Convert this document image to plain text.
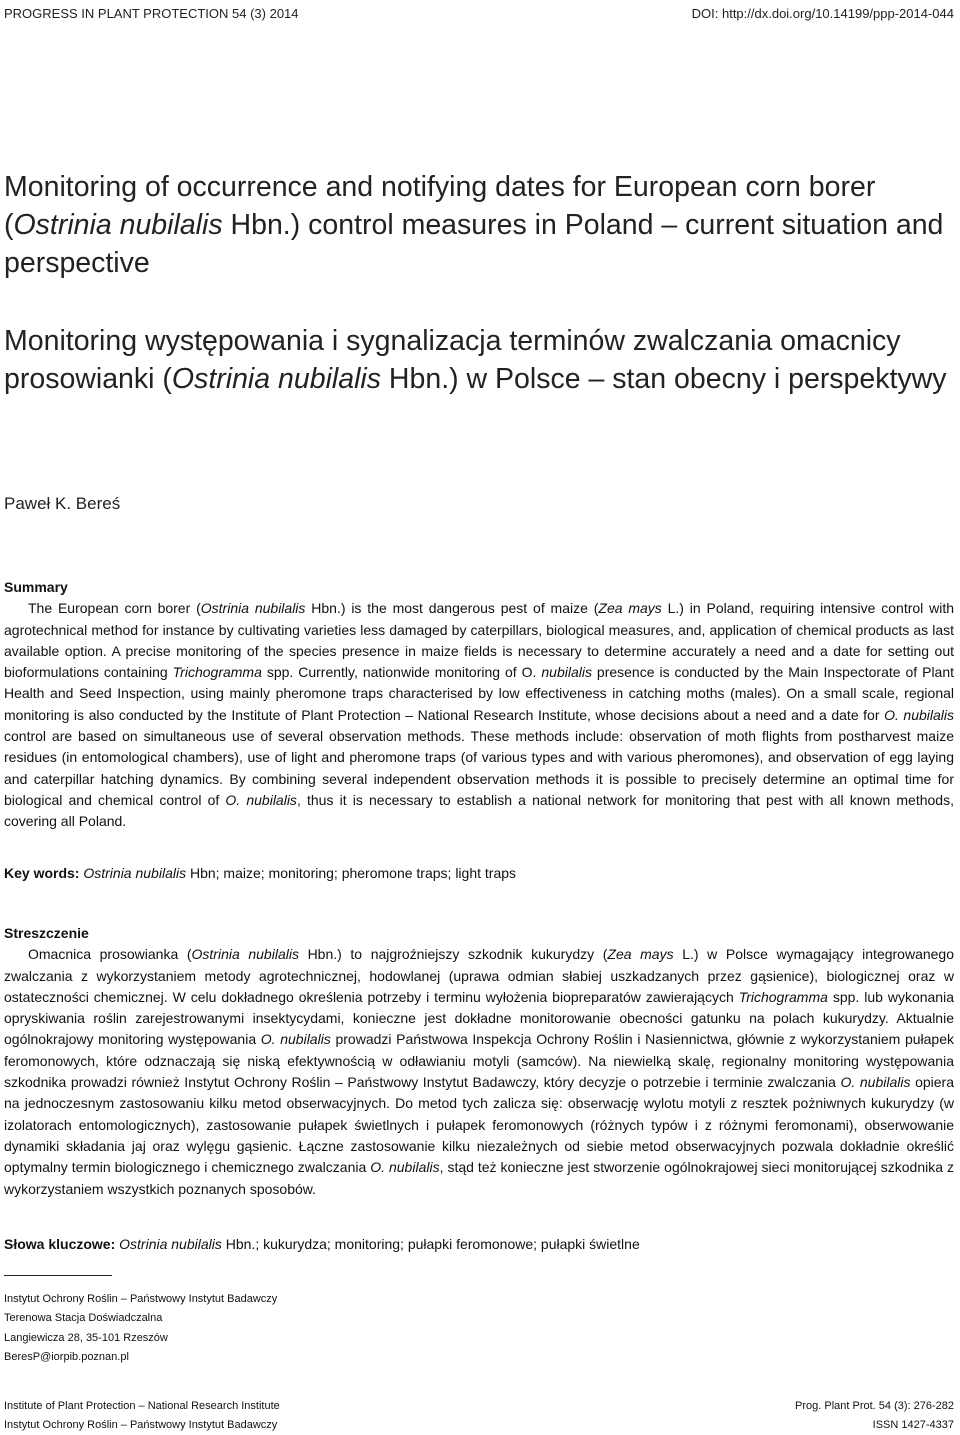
PROGRESS IN PLANT PROTECTION 54 (3) 2014	DOI: http://dx.doi.org/10.14199/ppp-2014-044
Monitoring of occurrence and notifying dates for European corn borer (Ostrinia nubilalis Hbn.) control measures in Poland – current situation and perspective
Monitoring występowania i sygnalizacja terminów zwalczania omacnicy prosowianki (Ostrinia nubilalis Hbn.) w Polsce – stan obecny i perspektywy
Paweł K. Bereś
Summary

The European corn borer (Ostrinia nubilalis Hbn.) is the most dangerous pest of maize (Zea mays L.) in Poland, requiring intensive control with agrotechnical method for instance by cultivating varieties less damaged by caterpillars, biological measures, and, application of chemical products as last available option. A precise monitoring of the species presence in maize fields is necessary to determine accurately a need and a date for setting out bioformulations containing Trichogramma spp. Currently, nationwide monitoring of O. nubilalis presence is conducted by the Main Inspectorate of Plant Health and Seed Inspection, using mainly pheromone traps characterised by low effectiveness in catching moths (males). On a small scale, regional monitoring is also conducted by the Institute of Plant Protection – National Research Institute, whose decisions about a need and a date for O. nubilalis control are based on simultaneous use of several observation methods. These methods include: observation of moth flights from postharvest maize residues (in entomological chambers), use of light and pheromone traps (of various types and with various pheromones), and observation of egg laying and caterpillar hatching dynamics. By combining several independent observation methods it is possible to precisely determine an optimal time for biological and chemical control of O. nubilalis, thus it is necessary to establish a national network for monitoring that pest with all known methods, covering all Poland.

Key words: Ostrinia nubilalis Hbn; maize; monitoring; pheromone traps; light traps
Streszczenie

Omacnica prosowianka (Ostrinia nubilalis Hbn.) to najgroźniejszy szkodnik kukurydzy (Zea mays L.) w Polsce wymagający integrowanego zwalczania z wykorzystaniem metody agrotechnicznej, hodowlanej (uprawa odmian słabiej uszkadzanych przez gąsienice), biologicznej oraz w ostateczności chemicznej. W celu dokładnego określenia potrzeby i terminu wyłożenia biopreparatów zawierających Trichogramma spp. lub wykonania opryskiwania roślin zarejestrowanymi insektycydami, konieczne jest dokładne monitorowanie obecności gatunku na polach kukurydzy. Aktualnie ogólnokrajowy monitoring występowania O. nubilalis prowadzi Państwowa Inspekcja Ochrony Roślin i Nasiennictwa, głównie z wykorzystaniem pułapek feromonowych, które odznaczają się niską efektywnością w odławianiu motyli (samców). Na niewielką skalę, regionalny monitoring występowania szkodnika prowadzi również Instytut Ochrony Roślin – Państwowy Instytut Badawczy, który decyzje o potrzebie i terminie zwalczania O. nubilalis opiera na jednoczesnym zastosowaniu kilku metod obserwacyjnych. Do metod tych zalicza się: obserwację wylotu motyli z resztek pożniwnych kukurydzy (w izolatorach entomologicznych), zastosowanie pułapek świetlnych i pułapek feromonowych (różnych typów i z różnymi feromonami), obserwowanie dynamiki składania jaj oraz wylęgu gąsienic. Łączne zastosowanie kilku niezależnych od siebie metod obserwacyjnych pozwala dokładnie określić optymalny termin biologicznego i chemicznego zwalczania O. nubilalis, stąd też konieczne jest stworzenie ogólnokrajowej sieci monitorującej szkodnika z wykorzystaniem wszystkich poznanych sposobów.

Słowa kluczowe: Ostrinia nubilalis Hbn.; kukurydza; monitoring; pułapki feromonowe; pułapki świetlne
Instytut Ochrony Roślin – Państwowy Instytut Badawczy
Terenowa Stacja Doświadczalna
Langiewicza 28, 35-101 Rzeszów
BeresP@iorpib.poznan.pl
Institute of Plant Protection – National Research Institute
Instytut Ochrony Roślin – Państwowy Instytut Badawczy
Prog. Plant Prot. 54 (3): 276-282
ISSN 1427-4337
